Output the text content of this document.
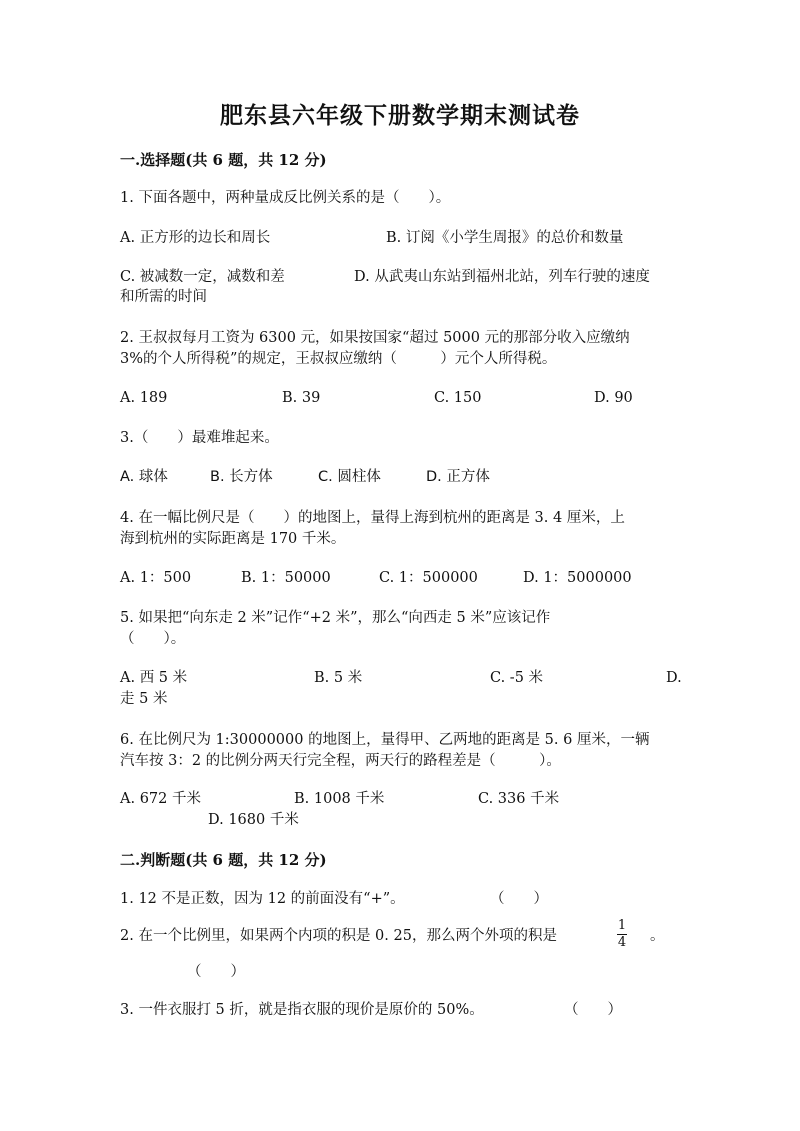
肥东县六年级下册数学期末测试卷
一.选择题(共 6 题，共 12 分)
1. 下面各题中，两种量成反比例关系的是（　　）。
A. 正方形的边长和周长	B. 订阅《小学生周报》的总价和数量
C. 被减数一定，减数和差	D. 从武夷山东站到福州北站，列车行驶的速度
和所需的时间
2. 王叔叔每月工资为 6300 元，如果按国家“超过 5000 元的那部分收入应缴纳
3%的个人所得税”的规定，王叔叔应缴纳（　　　）元个人所得税。
A. 189	B. 39	C. 150	D. 90
3.（　　）最难堆起来。
A. 球体	B. 长方体	C. 圆柱体	D. 正方体
4. 在一幅比例尺是（　　）的地图上，量得上海到杭州的距离是 3. 4 厘米，上
海到杭州的实际距离是 170 千米。
A. 1：500	B. 1：50000	C. 1：500000	D. 1：5000000
5. 如果把“向东走 2 米”记作“+2 米”，那么“向西走 5 米”应该记作
（　　）。
A. 西 5 米	B. 5 米	C. -5 米	D.
走 5 米
6. 在比例尺为 1:30000000 的地图上，量得甲、乙两地的距离是 5. 6 厘米，一辆
汽车按 3：2 的比例分两天行完全程，两天行的路程差是（　　　）。
A. 672 千米	B. 1008 千米	C. 336 千米
D. 1680 千米
二.判断题(共 6 题，共 12 分)
1. 12 不是正数，因为 12 的前面没有“+”。	（　　）
2. 在一个比例里，如果两个内项的积是 0. 25，那么两个外项的积是
1
4 。
（　　）
3. 一件衣服打 5 折，就是指衣服的现价是原价的 50%。	（　　）
